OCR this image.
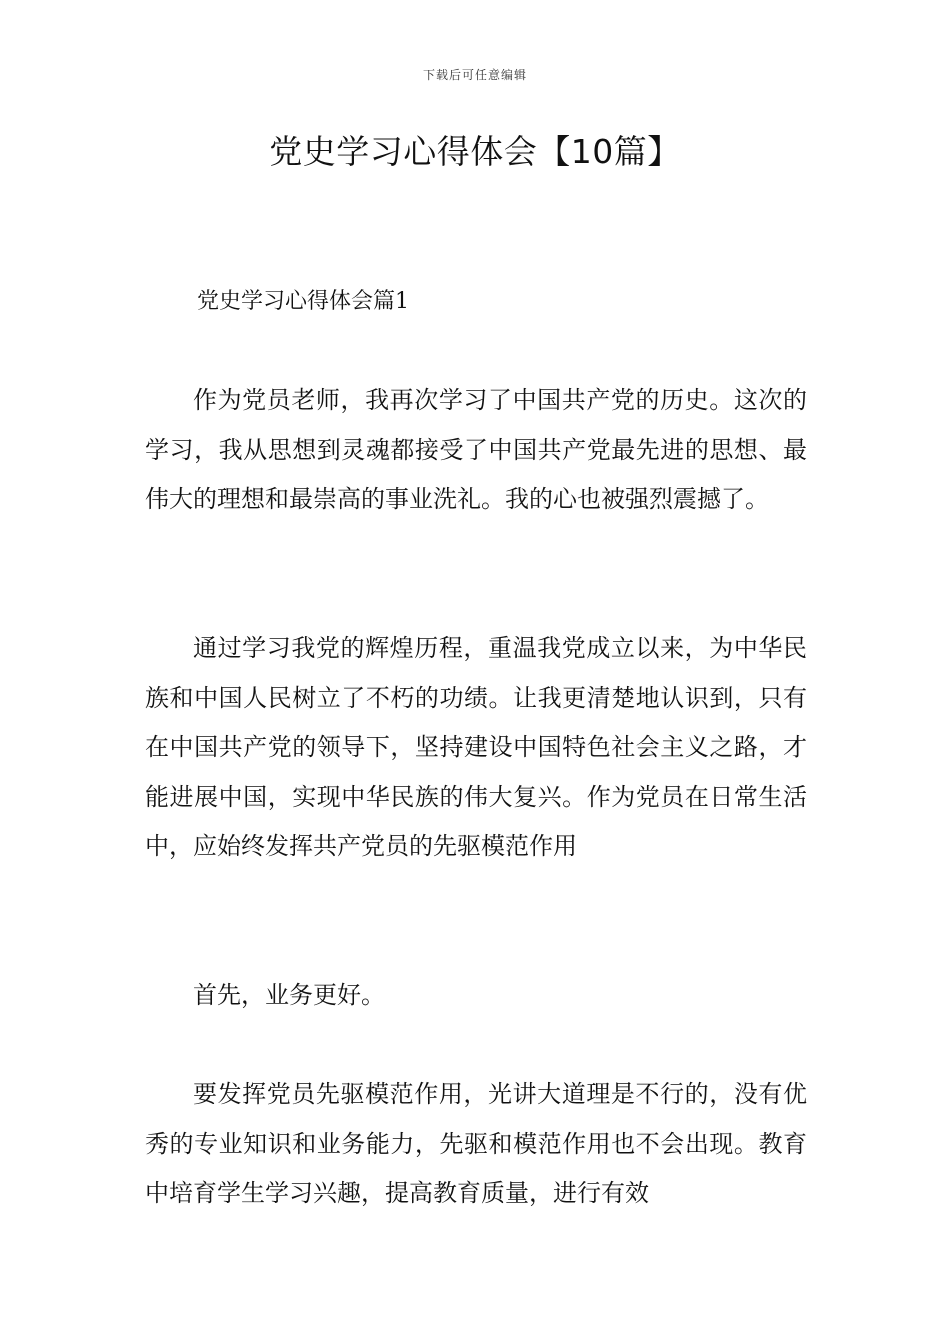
下载后可任意编辑
党史学习心得体会【10篇】
党史学习心得体会篇1

作为党员老师，我再次学习了中国共产党的历史。这次的学习，我从思想到灵魂都接受了中国共产党最先进的思想、最伟大的理想和最崇高的事业洗礼。我的心也被强烈震撼了。

通过学习我党的辉煌历程，重温我党成立以来，为中华民族和中国人民树立了不朽的功绩。让我更清楚地认识到，只有在中国共产党的领导下，坚持建设中国特色社会主义之路，才能进展中国，实现中华民族的伟大复兴。作为党员在日常生活中，应始终发挥共产党员的先驱模范作用

首先，业务更好。

要发挥党员先驱模范作用，光讲大道理是不行的，没有优秀的专业知识和业务能力，先驱和模范作用也不会出现。教育中培育学生学习兴趣，提高教育质量，进行有效
